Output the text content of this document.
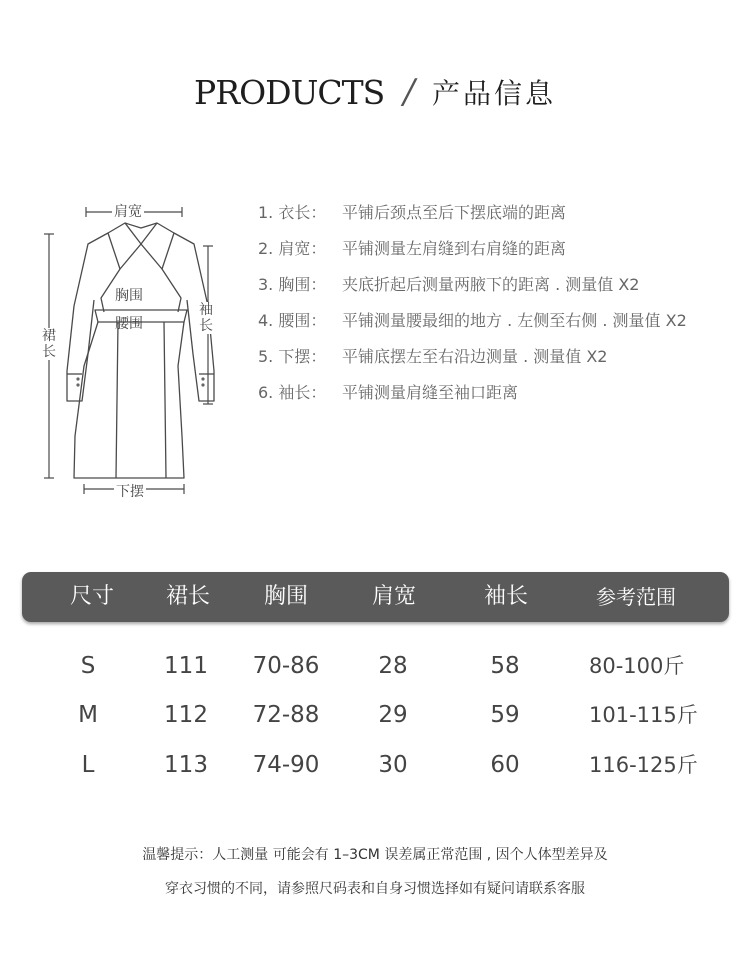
PRODUCTS / 产品信息
肩宽
胸围
腰围
袖长
裙长
下摆
1. 衣长： 平铺后颈点至后下摆底端的距离
2. 肩宽： 平铺测量左肩缝到右肩缝的距离
3. 胸围： 夹底折起后测量两腋下的距离 . 测量值 X2
4. 腰围： 平铺测量腰最细的地方 . 左侧至右侧 . 测量值 X2
5. 下摆： 平铺底摆左至右沿边测量 . 测量值 X2
6. 袖长： 平铺测量肩缝至袖口距离
尺寸 裙长 胸围	肩宽	袖长	参考范围
S	111 70-86	28	58	80-100斤
M	112 72-88	29	59	101-115斤
L	113 74-90	30	60	116-125斤
温馨提示：人工测量 可能会有 1–3CM 误差属正常范围 , 因个人体型差异及
穿衣习惯的不同，请参照尺码表和自身习惯选择如有疑问请联系客服
